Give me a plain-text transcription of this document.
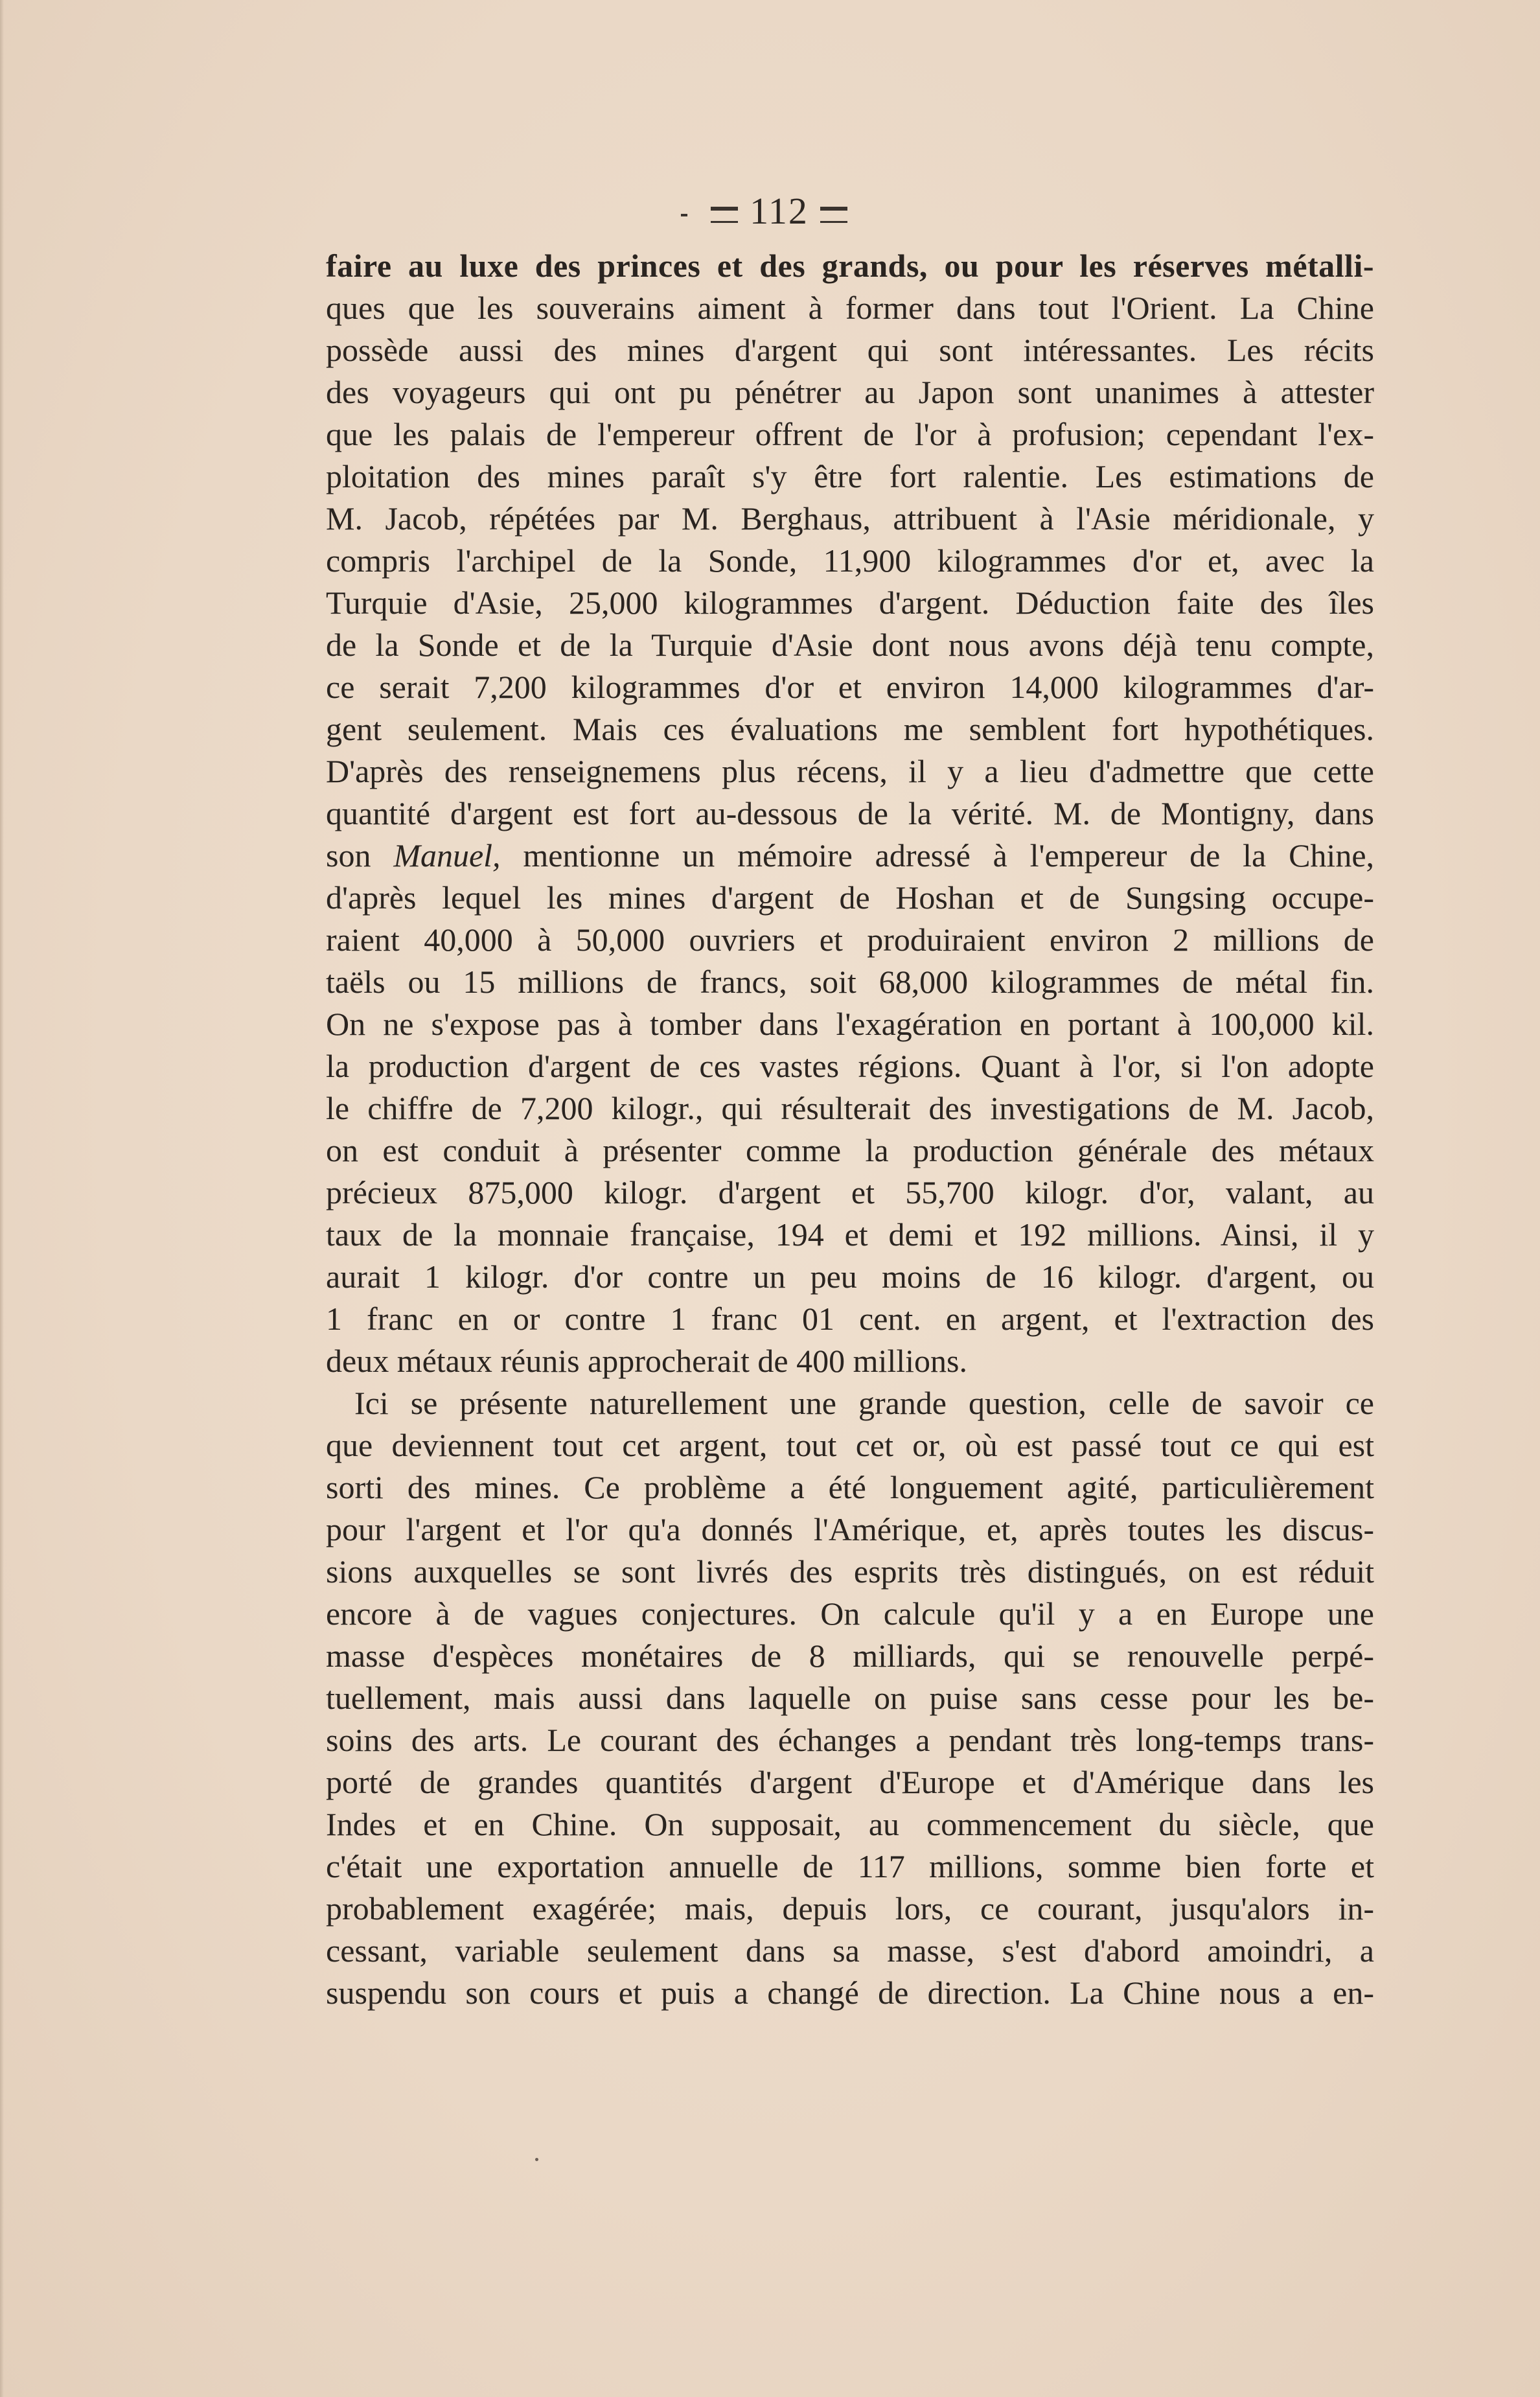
112
faire au luxe des princes et des grands, ou pour les réserves métalli-
ques que les souverains aiment à former dans tout l'Orient. La Chine
possède aussi des mines d'argent qui sont intéressantes. Les récits
des voyageurs qui ont pu pénétrer au Japon sont unanimes à attester
que les palais de l'empereur offrent de l'or à profusion; cependant l'ex-
ploitation des mines paraît s'y être fort ralentie. Les estimations de
M. Jacob, répétées par M. Berghaus, attribuent à l'Asie méridionale, y
compris l'archipel de la Sonde, 11,900 kilogrammes d'or et, avec la
Turquie d'Asie, 25,000 kilogrammes d'argent. Déduction faite des îles
de la Sonde et de la Turquie d'Asie dont nous avons déjà tenu compte,
ce serait 7,200 kilogrammes d'or et environ 14,000 kilogrammes d'ar-
gent seulement. Mais ces évaluations me semblent fort hypothétiques.
D'après des renseignemens plus récens, il y a lieu d'admettre que cette
quantité d'argent est fort au-dessous de la vérité. M. de Montigny, dans
son Manuel, mentionne un mémoire adressé à l'empereur de la Chine,
d'après lequel les mines d'argent de Hoshan et de Sungsing occupe-
raient 40,000 à 50,000 ouvriers et produiraient environ 2 millions de
taëls ou 15 millions de francs, soit 68,000 kilogrammes de métal fin.
On ne s'expose pas à tomber dans l'exagération en portant à 100,000 kil.
la production d'argent de ces vastes régions. Quant à l'or, si l'on adopte
le chiffre de 7,200 kilogr., qui résulterait des investigations de M. Jacob,
on est conduit à présenter comme la production générale des métaux
précieux 875,000 kilogr. d'argent et 55,700 kilogr. d'or, valant, au
taux de la monnaie française, 194 et demi et 192 millions. Ainsi, il y
aurait 1 kilogr. d'or contre un peu moins de 16 kilogr. d'argent, ou
1 franc en or contre 1 franc 01 cent. en argent, et l'extraction des
deux métaux réunis approcherait de 400 millions.
Ici se présente naturellement une grande question, celle de savoir ce
que deviennent tout cet argent, tout cet or, où est passé tout ce qui est
sorti des mines. Ce problème a été longuement agité, particulièrement
pour l'argent et l'or qu'a donnés l'Amérique, et, après toutes les discus-
sions auxquelles se sont livrés des esprits très distingués, on est réduit
encore à de vagues conjectures. On calcule qu'il y a en Europe une
masse d'espèces monétaires de 8 milliards, qui se renouvelle perpé-
tuellement, mais aussi dans laquelle on puise sans cesse pour les be-
soins des arts. Le courant des échanges a pendant très long-temps trans-
porté de grandes quantités d'argent d'Europe et d'Amérique dans les
Indes et en Chine. On supposait, au commencement du siècle, que
c'était une exportation annuelle de 117 millions, somme bien forte et
probablement exagérée; mais, depuis lors, ce courant, jusqu'alors in-
cessant, variable seulement dans sa masse, s'est d'abord amoindri, a
suspendu son cours et puis a changé de direction. La Chine nous a en-
